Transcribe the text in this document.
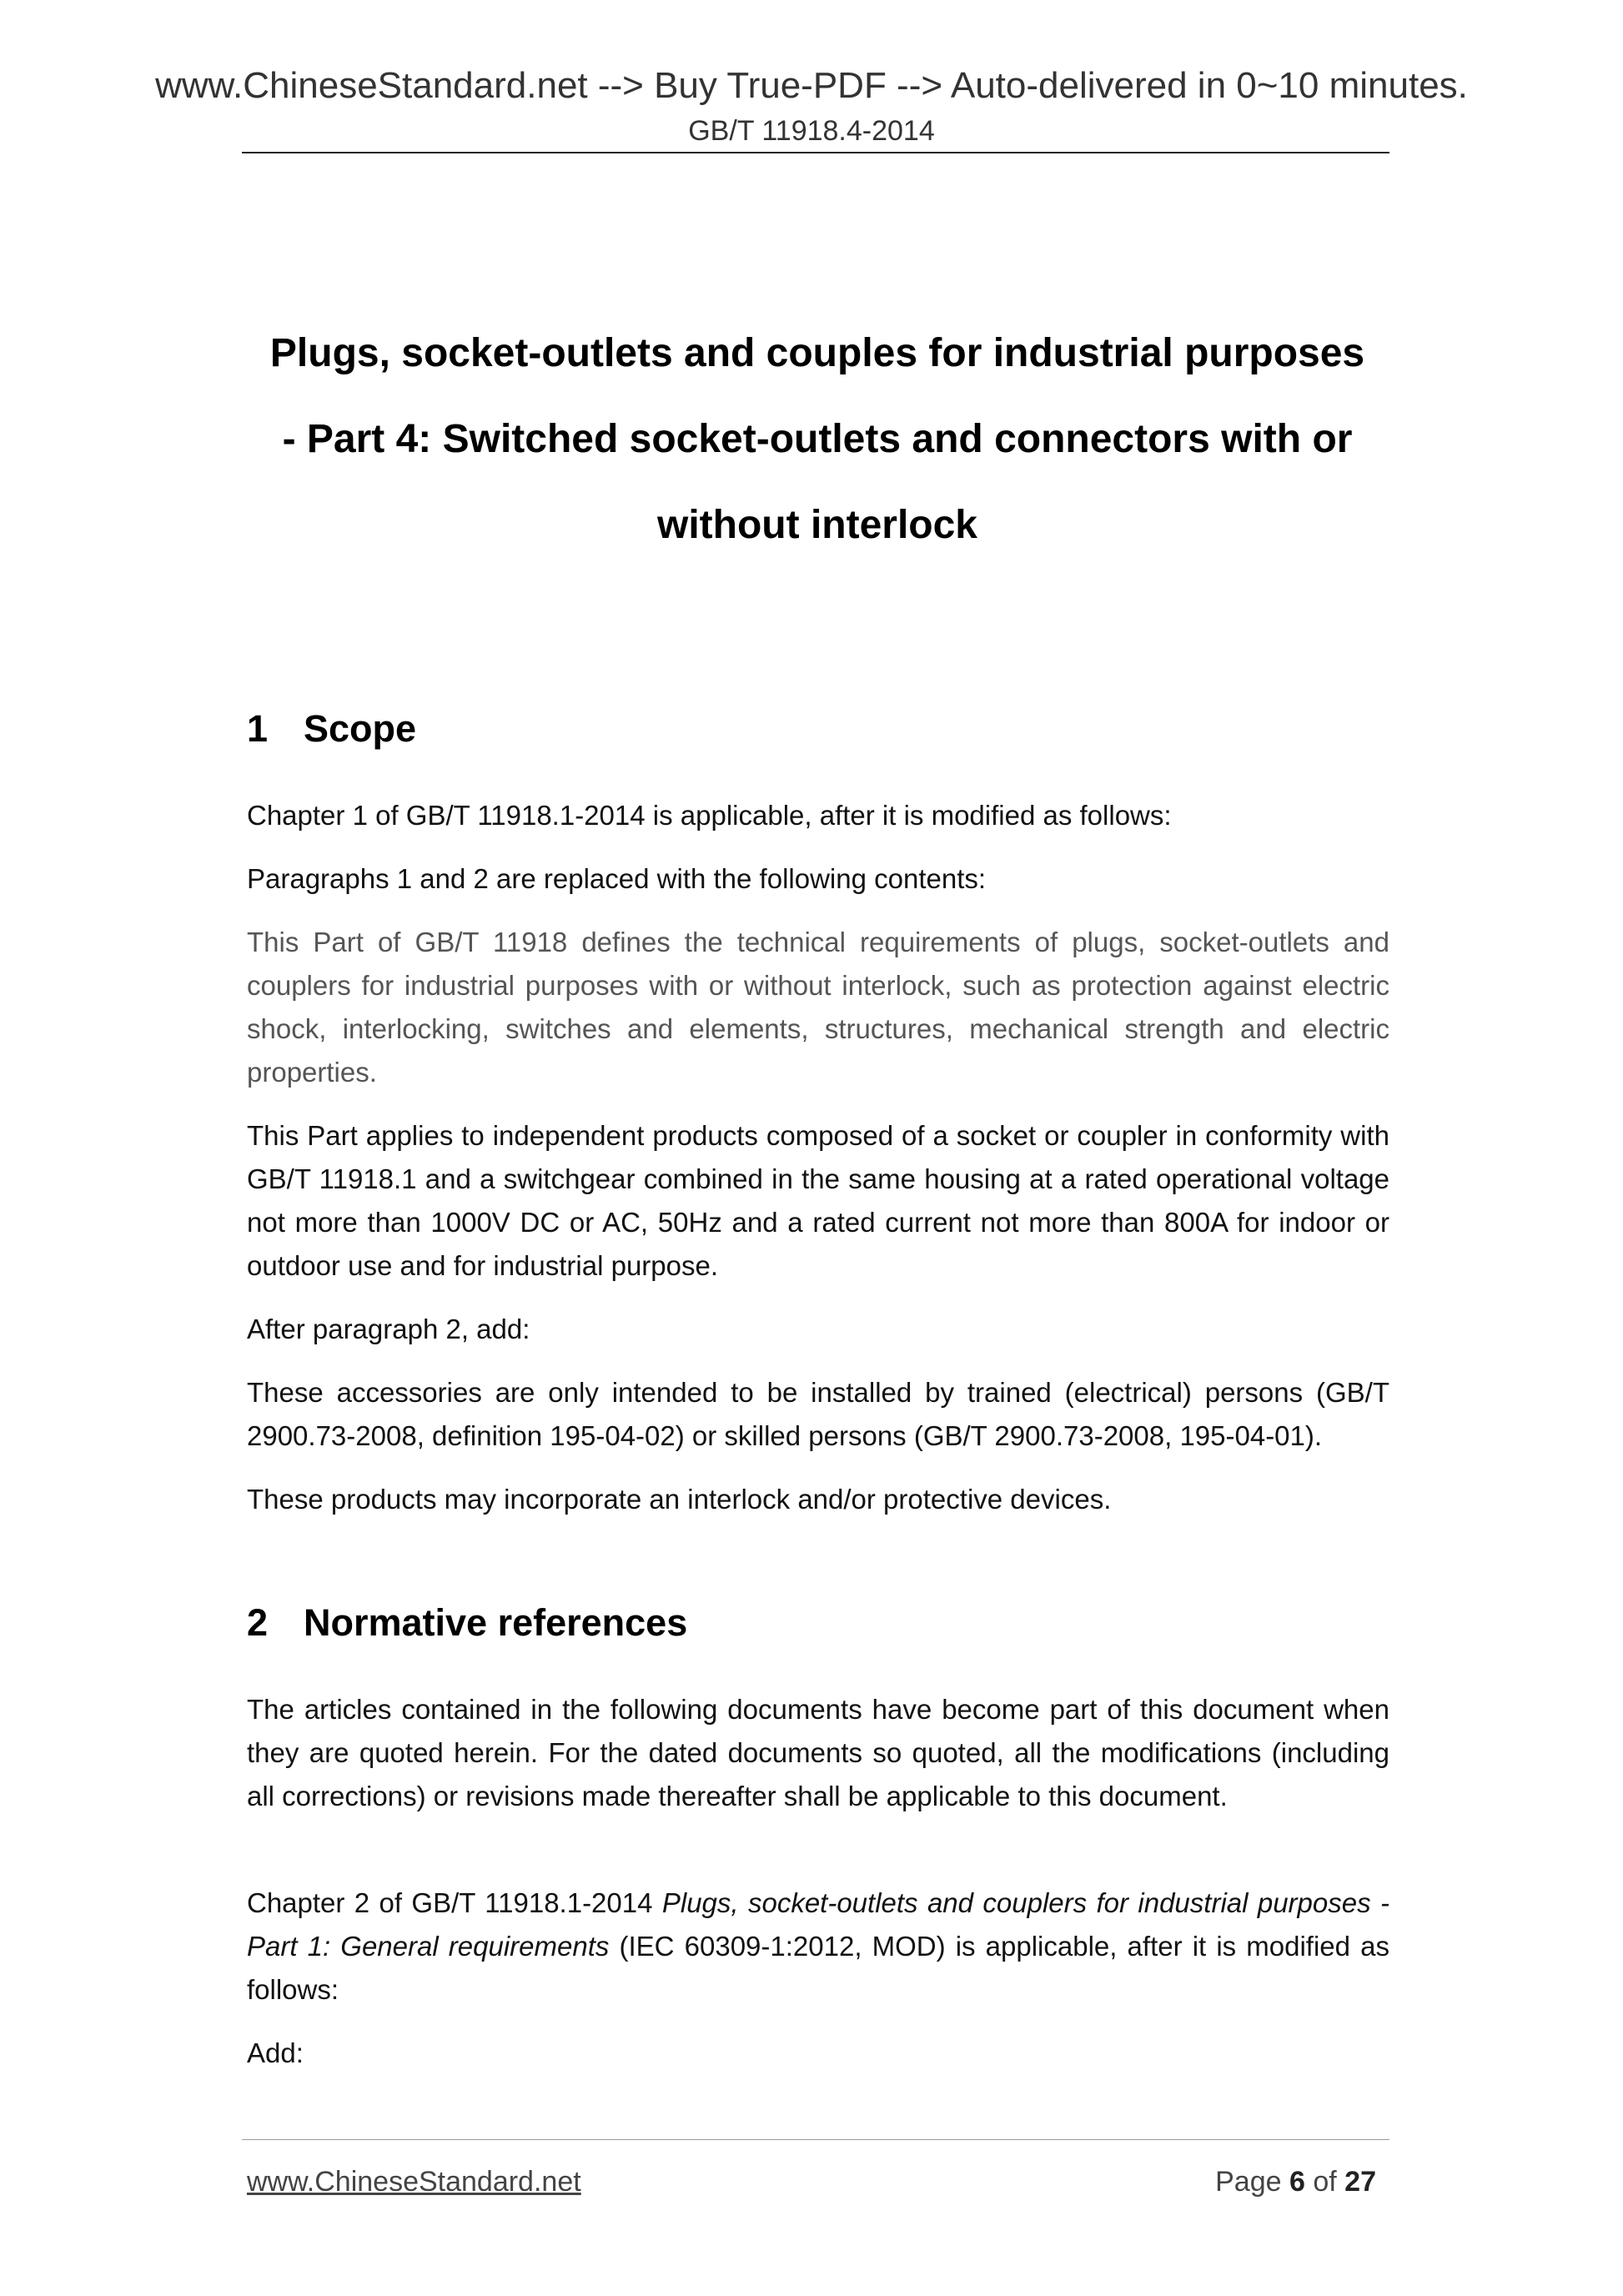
www.ChineseStandard.net --> Buy True-PDF --> Auto-delivered in 0~10 minutes.
GB/T 11918.4-2014
Plugs, socket-outlets and couples for industrial purposes
- Part 4: Switched socket-outlets and connectors with or
without interlock
1 Scope

Chapter 1 of GB/T 11918.1-2014 is applicable, after it is modified as follows:

Paragraphs 1 and 2 are replaced with the following contents:

This Part of GB/T 11918 defines the technical requirements of plugs, socket-outlets and couplers for industrial purposes with or without interlock, such as protection against electric shock, interlocking, switches and elements, structures, mechanical strength and electric properties.

This Part applies to independent products composed of a socket or coupler in conformity with GB/T 11918.1 and a switchgear combined in the same housing at a rated operational voltage not more than 1000V DC or AC, 50Hz and a rated current not more than 800A for indoor or outdoor use and for industrial purpose.

After paragraph 2, add:

These accessories are only intended to be installed by trained (electrical) persons (GB/T 2900.73-2008, definition 195-04-02) or skilled persons (GB/T 2900.73-2008, 195-04-01).

These products may incorporate an interlock and/or protective devices.

2 Normative references

The articles contained in the following documents have become part of this document when they are quoted herein. For the dated documents so quoted, all the modifications (including all corrections) or revisions made thereafter shall be applicable to this document.

Chapter 2 of GB/T 11918.1-2014 Plugs, socket-outlets and couplers for industrial purposes - Part 1: General requirements (IEC 60309-1:2012, MOD) is applicable, after it is modified as follows:

Add:

www.ChineseStandard.net	Page 6 of 27
